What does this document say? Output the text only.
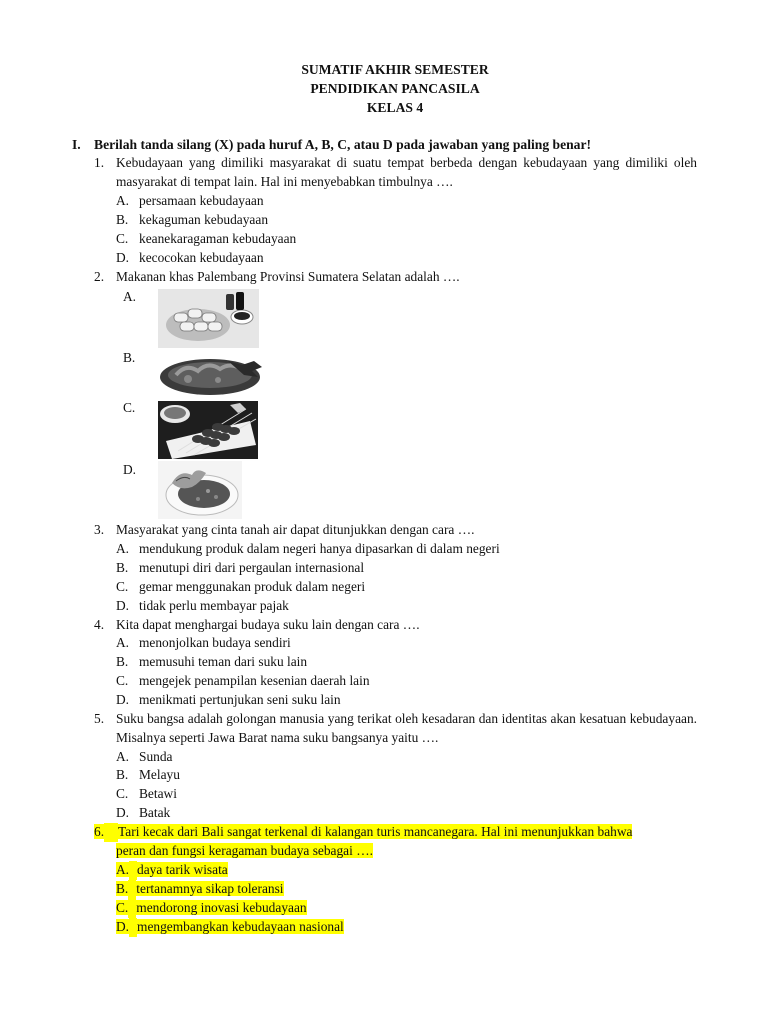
SUMATIF AKHIR SEMESTER
PENDIDIKAN PANCASILA
KELAS 4
I. Berilah tanda silang (X) pada huruf A, B, C, atau D pada jawaban yang paling benar!
1. Kebudayaan yang dimiliki masyarakat di suatu tempat berbeda dengan kebudayaan yang dimiliki oleh masyarakat di tempat lain. Hal ini menyebabkan timbulnya ….
A. persamaan kebudayaan
B. kekaguman kebudayaan
C. keanekaragaman kebudayaan
D. kecocokan kebudayaan
2. Makanan khas Palembang Provinsi Sumatera Selatan adalah ….
A.
B.
C.
D.
3. Masyarakat yang cinta tanah air dapat ditunjukkan dengan cara ….
A. mendukung produk dalam negeri hanya dipasarkan di dalam negeri
B. menutupi diri dari pergaulan internasional
C. gemar menggunakan produk dalam negeri
D. tidak perlu membayar pajak
4. Kita dapat menghargai budaya suku lain dengan cara ….
A. menonjolkan budaya sendiri
B. memusuhi teman dari suku lain
C. mengejek penampilan kesenian daerah lain
D. menikmati pertunjukan seni suku lain
5. Suku bangsa adalah golongan manusia yang terikat oleh kesadaran dan identitas akan kesatuan kebudayaan. Misalnya seperti Jawa Barat nama suku bangsanya yaitu ….
A. Sunda
B. Melayu
C. Betawi
D. Batak
6. Tari kecak dari Bali sangat terkenal di kalangan turis mancanegara. Hal ini menunjukkan bahwa
peran dan fungsi keragaman budaya sebagai ….
A. daya tarik wisata
B. tertanamnya sikap toleransi
C. mendorong inovasi kebudayaan
D. mengembangkan kebudayaan nasional
